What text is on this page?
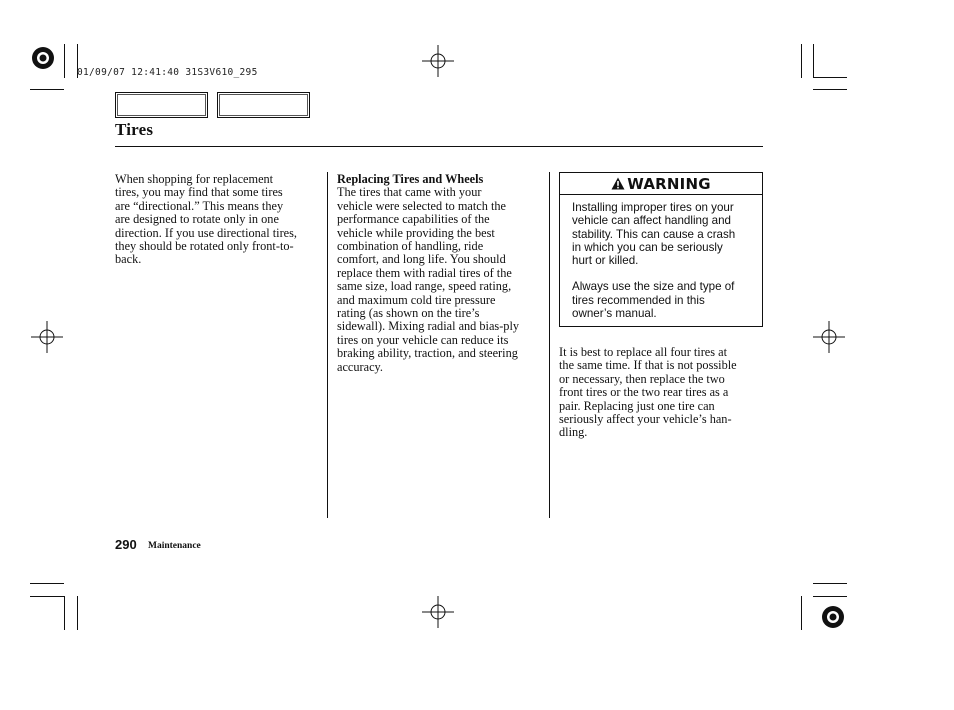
01/09/07 12:41:40 31S3V610_295
Tires
When shopping for replacement
tires, you may find that some tires
are “directional.” This means they
are designed to rotate only in one
direction. If you use directional tires,
they should be rotated only front-to-
back.
Replacing Tires and Wheels
The tires that came with your
vehicle were selected to match the
performance capabilities of the
vehicle while providing the best
combination of handling, ride
comfort, and long life. You should
replace them with radial tires of the
same size, load range, speed rating,
and maximum cold tire pressure
rating (as shown on the tire’s
sidewall). Mixing radial and bias-ply
tires on your vehicle can reduce its
braking ability, traction, and steering
accuracy.
WARNING

Installing improper tires on your
vehicle can affect handling and
stability. This can cause a crash
in which you can be seriously
hurt or killed.

Always use the size and type of
tires recommended in this
owner’s manual.

It is best to replace all four tires at
the same time. If that is not possible
or necessary, then replace the two
front tires or the two rear tires as a
pair. Replacing just one tire can
seriously affect your vehicle’s han-
dling.
290 Maintenance
